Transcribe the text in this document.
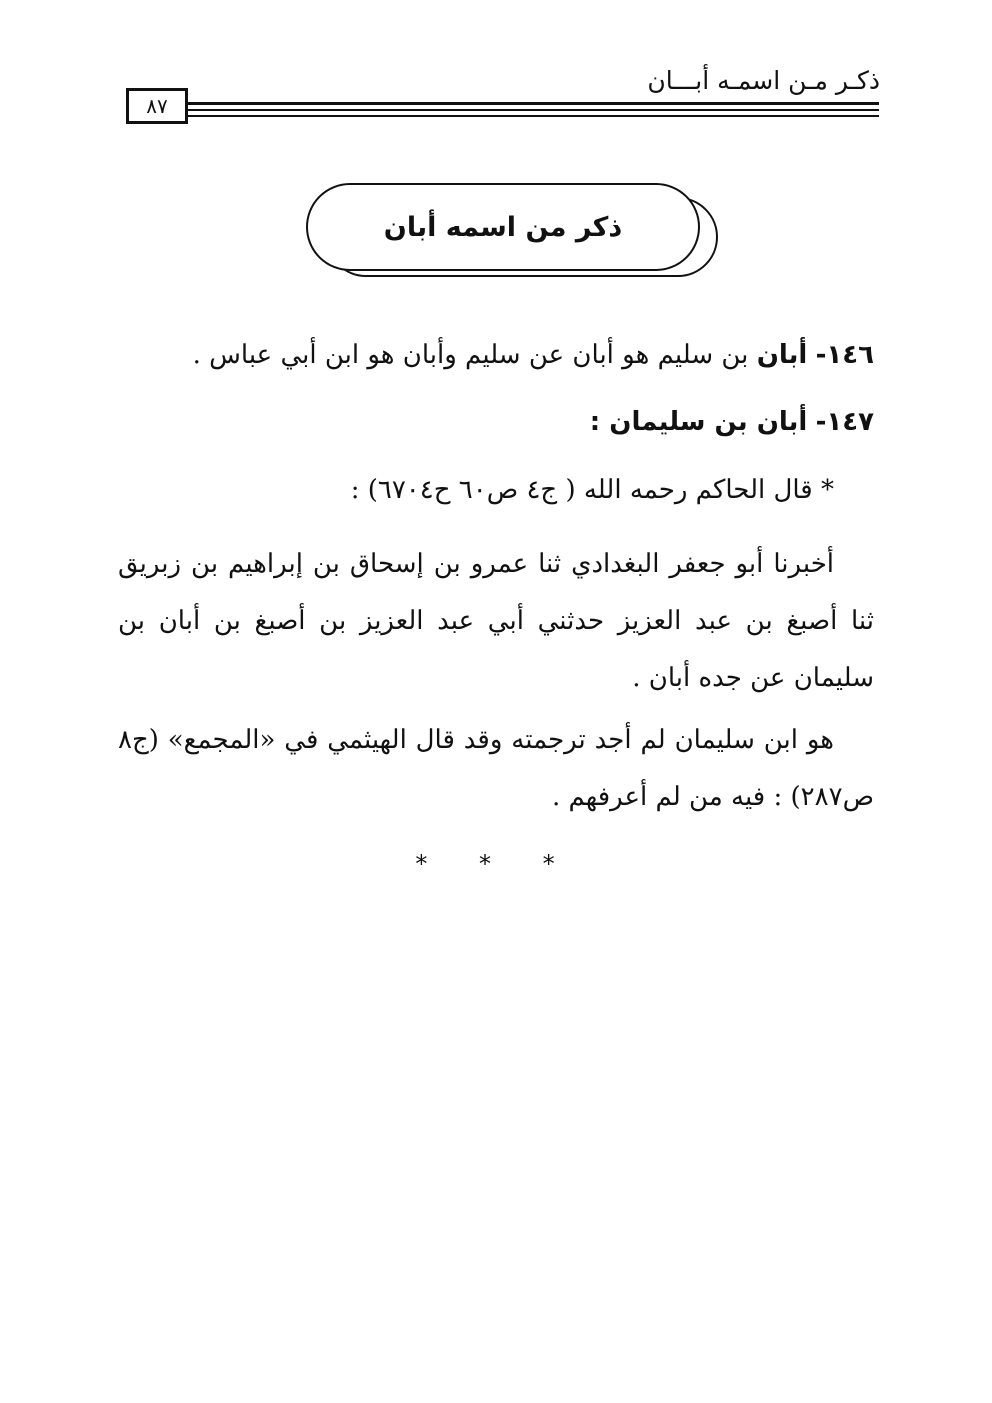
ذكـر مـن اسمـه أبـــان
٨٧
ذكر من اسمه أبان
١٤٦- أبان بن سليم هو أبان عن سليم وأبان هو ابن أبي عباس .
١٤٧- أبان بن سليمان :
* قال الحاكم رحمه الله ( ج٤ ص٦٠ ح٦٧٠٤) :
أخبرنا أبو جعفر البغدادي ثنا عمرو بن إسحاق بن إبراهيم بن زبريق ثنا أصبغ بن عبد العزيز حدثني أبي عبد العزيز بن أصبغ بن أبان بن سليمان عن جده أبان .
هو ابن سليمان لم أجد ترجمته وقد قال الهيثمي في «المجمع» (ج٨ ص٢٨٧) : فيه من لم أعرفهم .
* * *
